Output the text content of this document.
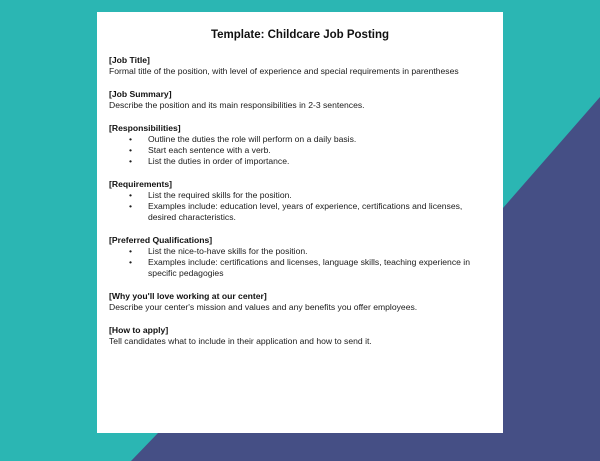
Template: Childcare Job Posting
[Job Title]
Formal title of the position, with level of experience and special requirements in parentheses
[Job Summary]
Describe the position and its main responsibilities in 2-3 sentences.
[Responsibilities]
•	Outline the duties the role will perform on a daily basis.
•	Start each sentence with a verb.
•	List the duties in order of importance.
[Requirements]
•	List the required skills for the position.
•	Examples include: education level, years of experience, certifications and licenses,
desired characteristics.
[Preferred Qualifications]
•	List the nice-to-have skills for the position.
•	Examples include: certifications and licenses, language skills, teaching experience in
specific pedagogies
[Why you'll love working at our center]
Describe your center's mission and values and any benefits you offer employees.
[How to apply]
Tell candidates what to include in their application and how to send it.
